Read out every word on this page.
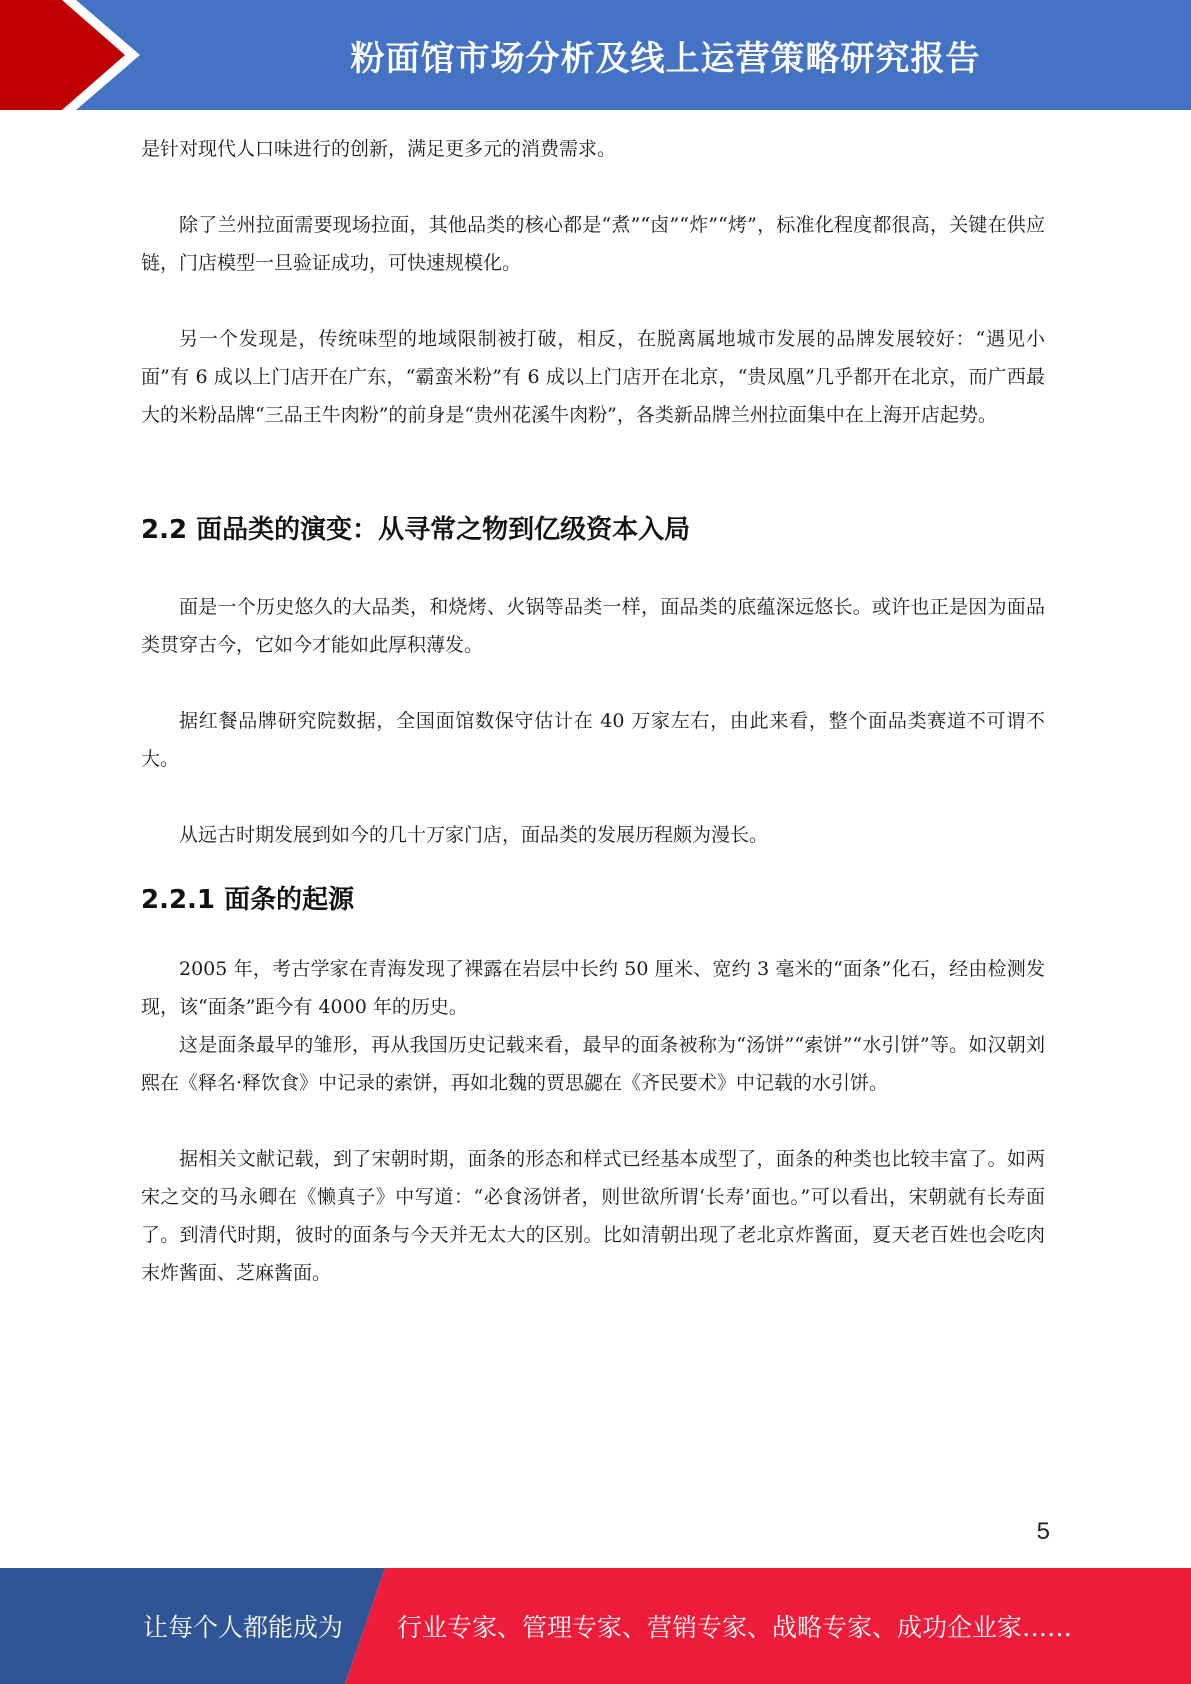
粉面馆市场分析及线上运营策略研究报告

是针对现代人口味进行的创新，满足更多元的消费需求。

除了兰州拉面需要现场拉面，其他品类的核心都是“煮”“卤”“炸”“烤”，标准化程度都很高，关键在供应链，门店模型一旦验证成功，可快速规模化。

另一个发现是，传统味型的地域限制被打破，相反，在脱离属地城市发展的品牌发展较好：“遇见小面”有 6 成以上门店开在广东，“霸蛮米粉”有 6 成以上门店开在北京，“贵凤凰”几乎都开在北京，而广西最大的米粉品牌“三品王牛肉粉”的前身是“贵州花溪牛肉粉”，各类新品牌兰州拉面集中在上海开店起势。

2.2 面品类的演变：从寻常之物到亿级资本入局

面是一个历史悠久的大品类，和烧烤、火锅等品类一样，面品类的底蕴深远悠长。或许也正是因为面品类贯穿古今，它如今才能如此厚积薄发。

据红餐品牌研究院数据，全国面馆数保守估计在 40 万家左右，由此来看，整个面品类赛道不可谓不大。

从远古时期发展到如今的几十万家门店，面品类的发展历程颇为漫长。

2.2.1 面条的起源

2005 年，考古学家在青海发现了裸露在岩层中长约 50 厘米、宽约 3 毫米的“面条”化石，经由检测发现，该“面条”距今有 4000 年的历史。

这是面条最早的雏形，再从我国历史记载来看，最早的面条被称为“汤饼”“索饼”“水引饼”等。如汉朝刘熙在《释名·释饮食》中记录的索饼，再如北魏的贾思勰在《齐民要术》中记载的水引饼。

据相关文献记载，到了宋朝时期，面条的形态和样式已经基本成型了，面条的种类也比较丰富了。如两宋之交的马永卿在《懒真子》中写道：“必食汤饼者，则世欲所谓‘长寿’面也。”可以看出，宋朝就有长寿面了。到清代时期，彼时的面条与今天并无太大的区别。比如清朝出现了老北京炸酱面，夏天老百姓也会吃肉末炸酱面、芝麻酱面。

5
让每个人都能成为 行业专家、管理专家、营销专家、战略专家、成功企业家……
